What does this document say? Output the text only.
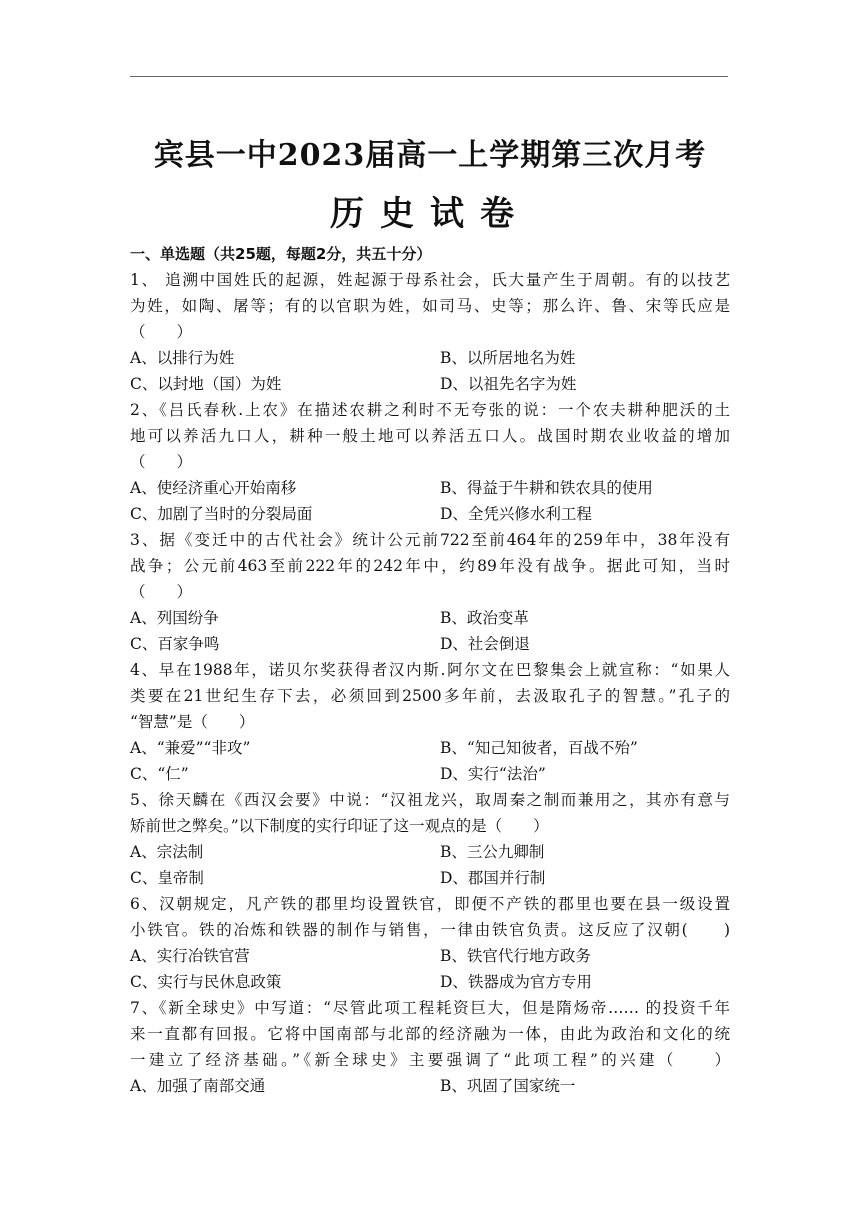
宾县一中2023届高一上学期第三次月考
历史试卷
一、单选题（共25题，每题2分，共五十分）
1、 追溯中国姓氏的起源，姓起源于母系社会，氏大量产生于周朝。有的以技艺
为姓，如陶、屠等；有的以官职为姓，如司马、史等；那么许、鲁、宋等氏应是
（　　）
A、以排行为姓	B、以所居地名为姓
C、以封地（国）为姓	D、以祖先名字为姓
2、《吕氏春秋.上农》在描述农耕之利时不无夸张的说：一个农夫耕种肥沃的土
地可以养活九口人，耕种一般土地可以养活五口人。战国时期农业收益的增加
（　　）
A、使经济重心开始南移	B、得益于牛耕和铁农具的使用
C、加剧了当时的分裂局面	D、全凭兴修水利工程
3、据《变迁中的古代社会》统计公元前722至前464年的259年中，38年没有
战争；公元前463至前222年的242年中，约89年没有战争。据此可知，当时
（　　）
A、列国纷争	B、政治变革
C、百家争鸣	D、社会倒退
4、早在1988年，诺贝尔奖获得者汉内斯.阿尔文在巴黎集会上就宣称：“如果人
类要在21世纪生存下去，必须回到2500多年前，去汲取孔子的智慧。”孔子的
“智慧”是（　　）
A、“兼爱”“非攻”	B、“知己知彼者，百战不殆”
C、“仁”	D、实行“法治”
5、徐天麟在《西汉会要》中说：“汉祖龙兴，取周秦之制而兼用之，其亦有意与
矫前世之弊矣。”以下制度的实行印证了这一观点的是（　　）
A、宗法制	B、三公九卿制
C、皇帝制	D、郡国并行制
6、汉朝规定，凡产铁的郡里均设置铁官，即便不产铁的郡里也要在县一级设置
小铁官。铁的冶炼和铁器的制作与销售，一律由铁官负责。这反应了汉朝(　　)
A、实行冶铁官营	B、铁官代行地方政务
C、实行与民休息政策	D、铁器成为官方专用
7、《新全球史》中写道：“尽管此项工程耗资巨大，但是隋炀帝…… 的投资千年
来一直都有回报。它将中国南部与北部的经济融为一体，由此为政治和文化的统
一建立了经济基础。”《新全球史》主要强调了“此项工程”的兴建（　　）
A、加强了南部交通	B、巩固了国家统一
